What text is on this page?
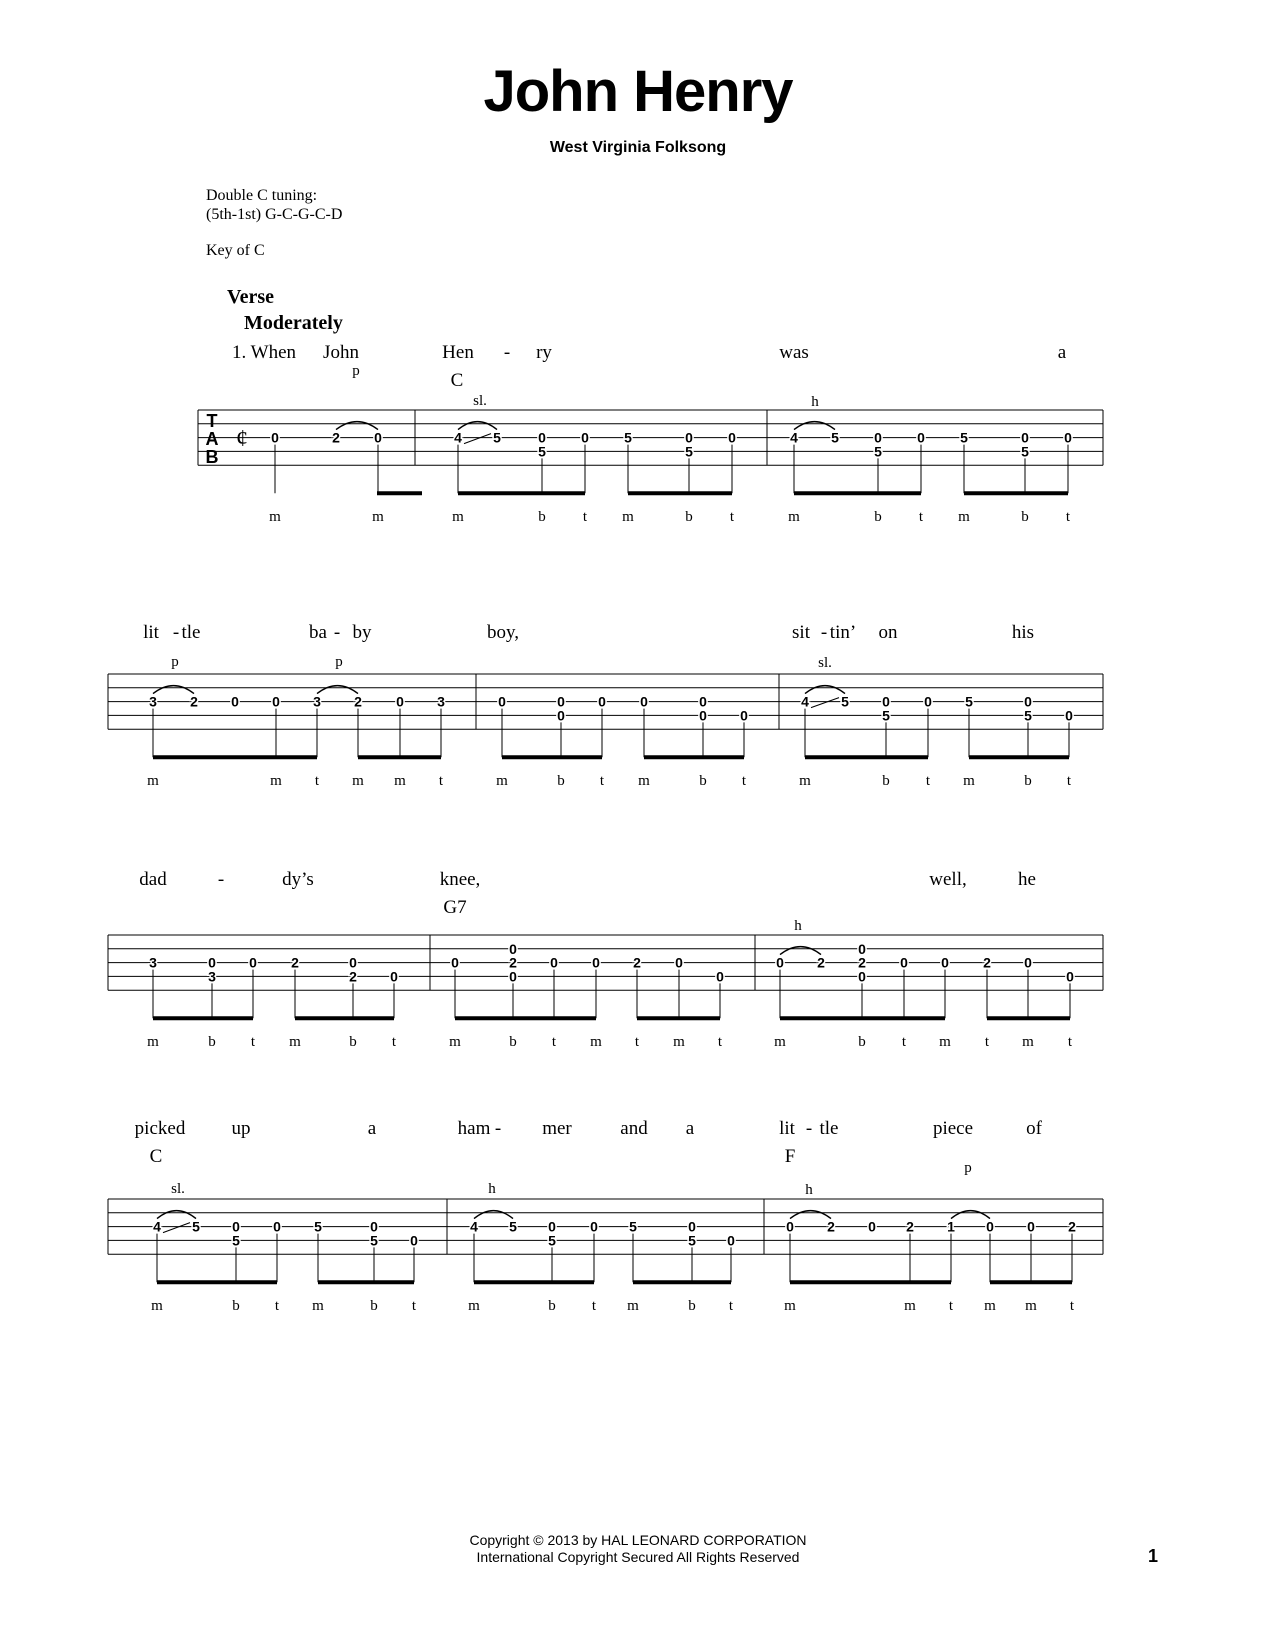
John Henry
West Virginia Folksong
Double C tuning:
(5th-1st) G-C-G-C-D
Key of C
Verse
Moderately
T
A
B
¢
1. When John	Hen - ry	was	a
C
p
sl.	h
0	2 0
m	m
4 5	0
5
0	5	0
5
0
m	b t m	b t
4 5	0
5
0	5	0
5
0
m	b t m	b t
lit - tle	ba - by	boy,	sit - tin’ on	his
p	p	sl.
3 2 0 0 3 2 0 3
m	m t m m t
0	0
0
0 0	0
0 0
m	b t m	b t
4 5 0
5
0 5	0
5 0
m	b t m	b t
dad	-	dy’s	knee,	well,	he
G7
h
3	0
3
0 2	0
2 0
m	b t m	b t
0
0
2
0
0 0 2 0
0
m	b t m t m t
0 2
0
2
0
0 0 2 0
0
m	b t m t m t
picked up	a	ham - mer	and a	lit - tle	piece	of
C	F
sl.	h	h
p
4 5 0
5
0 5	0
5 0
m	b t m	b t
4 5 0
5
0 5	0
5 0
m	b t m	b t
0 2 0 2 1 0 0 2
m	m t m m t
Copyright © 2013 by HAL LEONARD CORPORATION
International Copyright Secured All Rights Reserved	1
